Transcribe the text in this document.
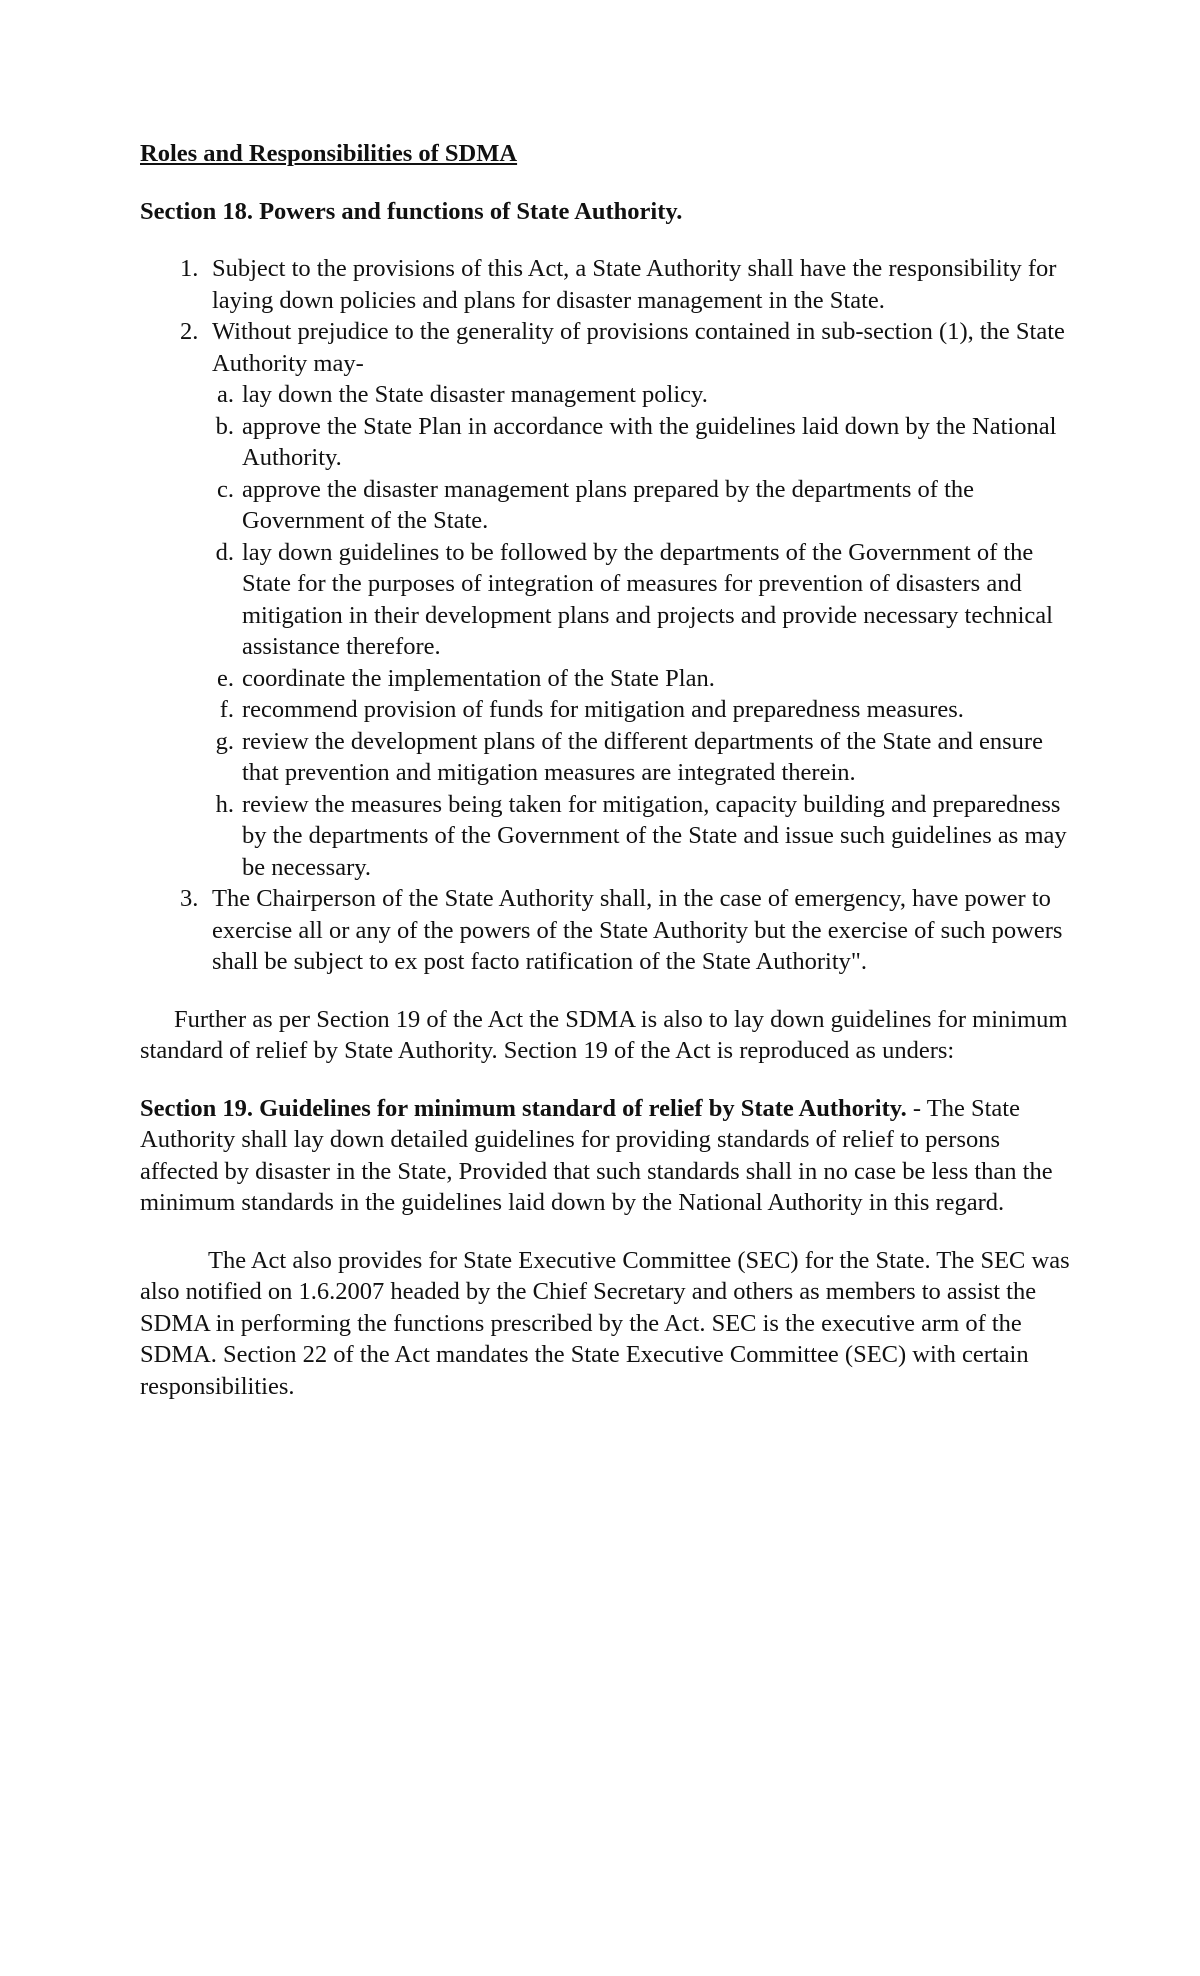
Roles and Responsibilities of SDMA
Section 18. Powers and functions of State Authority.
1. Subject to the provisions of this Act, a State Authority shall have the responsibility for laying down policies and plans for disaster management in the State.
2. Without prejudice to the generality of provisions contained in sub-section (1), the State Authority may-
a. lay down the State disaster management policy.
b. approve the State Plan in accordance with the guidelines laid down by the National Authority.
c. approve the disaster management plans prepared by the departments of the Government of the State.
d. lay down guidelines to be followed by the departments of the Government of the State for the purposes of integration of measures for prevention of disasters and mitigation in their development plans and projects and provide necessary technical assistance therefore.
e. coordinate the implementation of the State Plan.
f. recommend provision of funds for mitigation and preparedness measures.
g. review the development plans of the different departments of the State and ensure that prevention and mitigation measures are integrated therein.
h. review the measures being taken for mitigation, capacity building and preparedness by the departments of the Government of the State and issue such guidelines as may be necessary.
3. The Chairperson of the State Authority shall, in the case of emergency, have power to exercise all or any of the powers of the State Authority but the exercise of such powers shall be subject to ex post facto ratification of the State Authority".

Further as per Section 19 of the Act the SDMA is also to lay down guidelines for minimum standard of relief by State Authority. Section 19 of the Act is reproduced as unders:

Section 19. Guidelines for minimum standard of relief by State Authority. - The State Authority shall lay down detailed guidelines for providing standards of relief to persons affected by disaster in the State, Provided that such standards shall in no case be less than the minimum standards in the guidelines laid down by the National Authority in this regard.

The Act also provides for State Executive Committee (SEC) for the State. The SEC was also notified on 1.6.2007 headed by the Chief Secretary and others as members to assist the SDMA in performing the functions prescribed by the Act. SEC is the executive arm of the SDMA. Section 22 of the Act mandates the State Executive Committee (SEC) with certain responsibilities.
